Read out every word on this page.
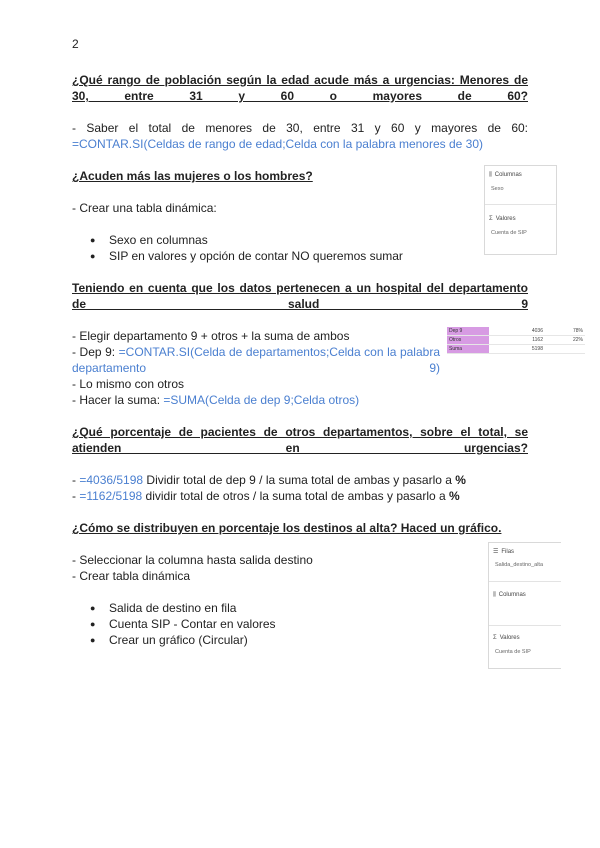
2
¿Qué rango de población según la edad acude más a urgencias: Menores de 30, entre 31 y 60 o mayores de 60?
- Saber el total de menores de 30, entre 31 y 60 y mayores de 60:
=CONTAR.SI(Celdas de rango de edad;Celda con la palabra menores de 30)
¿Acuden más las mujeres o los hombres?
- Crear una tabla dinámica:
● Sexo en columnas
● SIP en valores y opción de contar NO queremos sumar
⫼ Columnas
Sexo
Σ Valores
Cuenta de SIP
Teniendo en cuenta que los datos pertenecen a un hospital del departamento de salud 9
- Elegir departamento 9 + otros + la suma de ambos
- Dep 9: =CONTAR.SI(Celda de departamentos;Celda con la palabra departamento 9)
- Lo mismo con otros
- Hacer la suma: =SUMA(Celda de dep 9;Celda otros)
Dep 9	4036	78%
Otros	1162	22%
Suma	5198	
¿Qué porcentaje de pacientes de otros departamentos, sobre el total, se atienden en urgencias?
- =4036/5198 Dividir total de dep 9 / la suma total de ambas y pasarlo a %
- =1162/5198 dividir total de otros / la suma total de ambas y pasarlo a %
¿Cómo se distribuyen en porcentaje los destinos al alta? Haced un gráfico.
- Seleccionar la columna hasta salida destino
- Crear tabla dinámica
● Salida de destino en fila
● Cuenta SIP - Contar en valores
● Crear un gráfico (Circular)
☰ Filas
Salida_destino_alta
⫼ Columnas
Σ Valores
Cuenta de SIP
